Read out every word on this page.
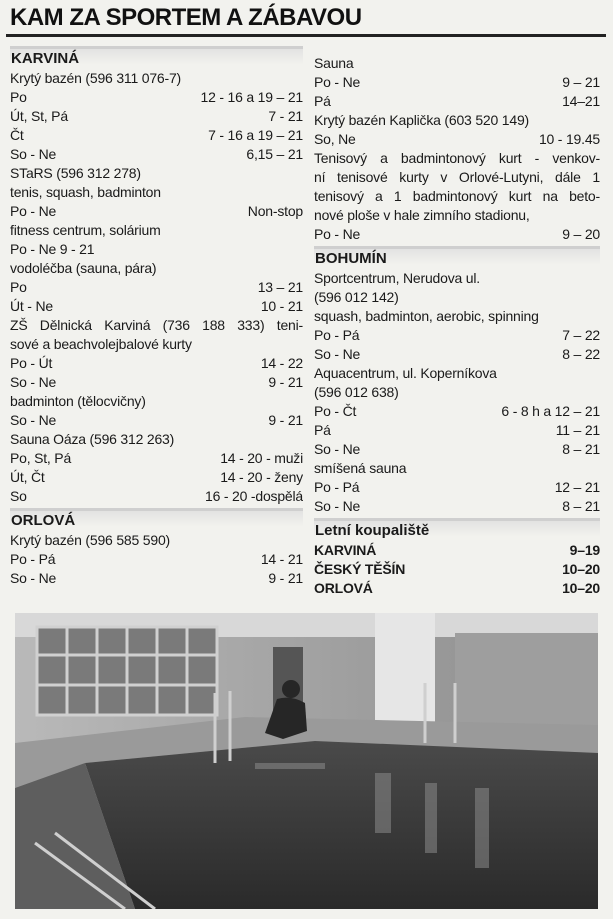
KAM ZA SPORTEM A ZÁBAVOU
KARVINÁ
Krytý bazén (596 311 076-7)
Po	12 - 16 a 19 – 21
Út, St, Pá	7 - 21
Čt	7 - 16 a 19 – 21
So - Ne	6,15 – 21
STaRS (596 312 278)
tenis, squash, badminton
Po - Ne	Non-stop
fitness centrum, solárium
Po - Ne 9 - 21
vodoléčba (sauna, pára)
Po	13 – 21
Út - Ne	10 - 21
ZŠ Dělnická Karviná (736 188 333) teni-
sové a beachvolejbalové kurty
Po - Út	14 - 22
So - Ne	9 - 21
badminton (tělocvičny)
So - Ne	9 - 21
Sauna Oáza (596 312 263)
Po, St, Pá	14 - 20 - muži
Út, Čt	14 - 20 - ženy
So	16 - 20 -dospělá
ORLOVÁ
Krytý bazén (596 585 590)
Po - Pá	14 - 21
So - Ne	9 - 21
Sauna
Po - Ne	9 – 21
Pá	14–21
Krytý bazén Kaplička (603 520 149)
So, Ne	10 - 19.45
Tenisový a badmintonový kurt - venkov-
ní tenisové kurty v Orlové-Lutyni, dále 1
tenisový a 1 badmintonový kurt na beto-
nové ploše v hale zimního stadionu,
Po - Ne	9 – 20
BOHUMÍN
Sportcentrum, Nerudova ul.
(596 012 142)
squash, badminton, aerobic, spinning
Po - Pá	7 – 22
So - Ne	8 – 22
Aquacentrum, ul. Koperníkova
(596 012 638)
Po - Čt	6 - 8 h a 12 – 21
Pá	11 – 21
So - Ne	8 – 21
smíšená sauna
Po - Pá	12 – 21
So - Ne	8 – 21
Letní koupaliště
KARVINÁ	9–19
ČESKÝ TĚŠÍN	10–20
ORLOVÁ	10–20
